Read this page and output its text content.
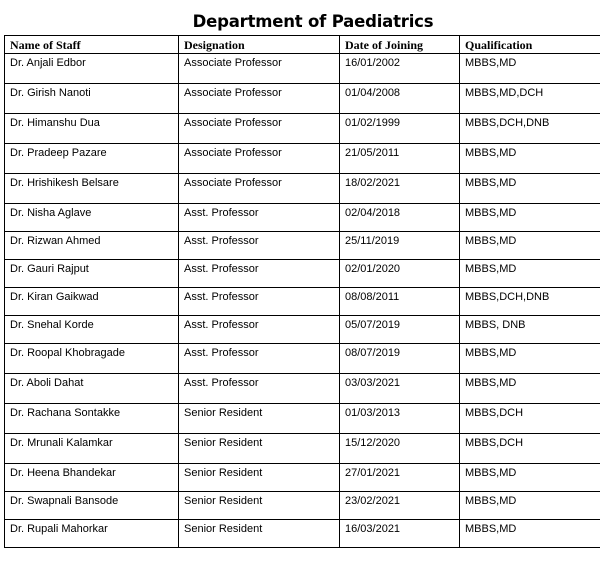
Department of Paediatrics
Name of Staff	Designation	Date of Joining	Qualification
Dr. Anjali Edbor	Associate Professor	16/01/2002	MBBS,MD
Dr. Girish Nanoti	Associate Professor	01/04/2008	MBBS,MD,DCH
Dr. Himanshu Dua	Associate Professor	01/02/1999	MBBS,DCH,DNB
Dr. Pradeep Pazare	Associate Professor	21/05/2011	MBBS,MD
Dr. Hrishikesh Belsare	Associate Professor	18/02/2021	MBBS,MD
Dr. Nisha Aglave	Asst. Professor	02/04/2018	MBBS,MD
Dr. Rizwan Ahmed	Asst. Professor	25/11/2019	MBBS,MD
Dr. Gauri Rajput	Asst. Professor	02/01/2020	MBBS,MD
Dr. Kiran Gaikwad	Asst. Professor	08/08/2011	MBBS,DCH,DNB
Dr. Snehal Korde	Asst. Professor	05/07/2019	MBBS, DNB
Dr. Roopal Khobragade	Asst. Professor	08/07/2019	MBBS,MD
Dr. Aboli Dahat	Asst. Professor	03/03/2021	MBBS,MD
Dr. Rachana Sontakke	Senior Resident	01/03/2013	MBBS,DCH
Dr. Mrunali Kalamkar	Senior Resident	15/12/2020	MBBS,DCH
Dr. Heena Bhandekar	Senior Resident	27/01/2021	MBBS,MD
Dr. Swapnali Bansode	Senior Resident	23/02/2021	MBBS,MD
Dr. Rupali Mahorkar	Senior Resident	16/03/2021	MBBS,MD
